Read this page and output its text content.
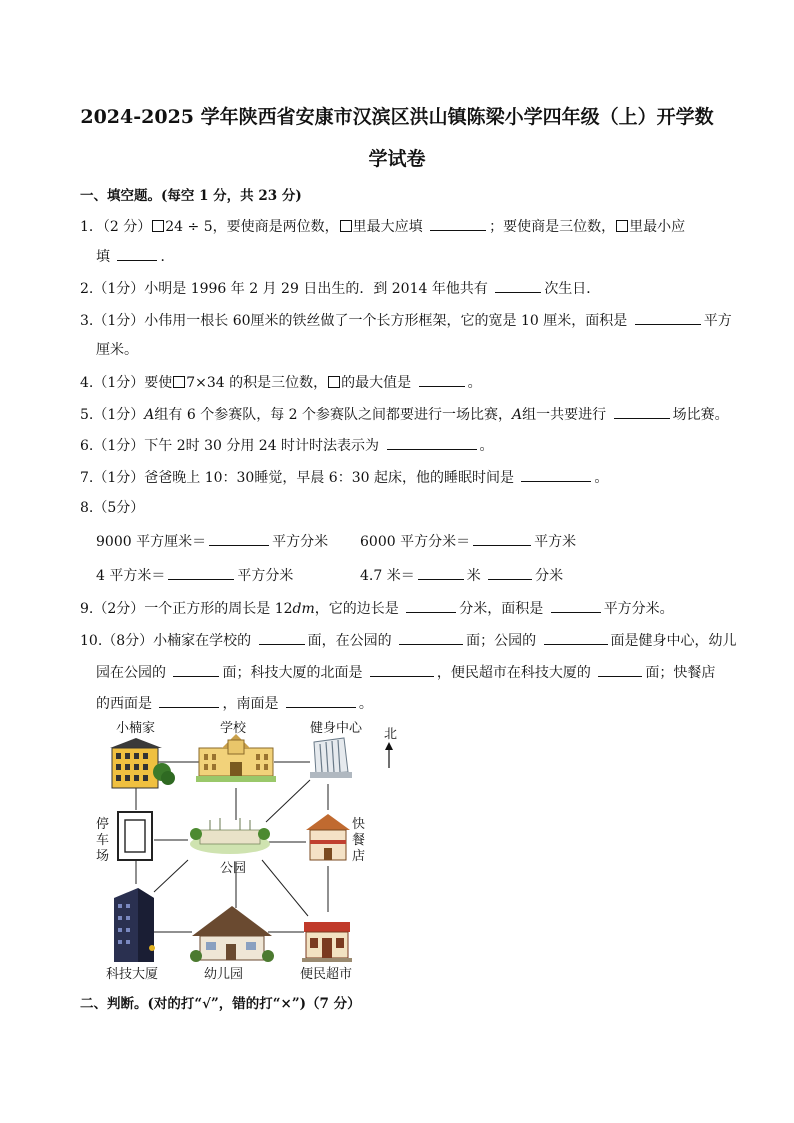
2024-2025 学年陕西省安康市汉滨区洪山镇陈梁小学四年级（上）开学数
学试卷
一、填空题。(每空 1 分，共 23 分)
1．（2 分） 24 ÷ 5，要使商是两位数， 里最大应填	；要使商是三位数， 里最小应
填	．
2.（1分）小明是 1996 年 2 月 29 日出生的．到 2014 年他共有	次生日．
3.（1分）小伟用一根长 60厘米的铁丝做了一个长方形框架，它的宽是 10 厘米，面积是	平方
厘米。
4.（1分）要使 7×34 的积是三位数， 的最大值是	。
5.（1分）A组有 6 个参赛队，每 2 个参赛队之间都要进行一场比赛，A组一共要进行	场比赛。
6.（1分）下午 2时 30 分用 24 时计时法表示为	。
7.（1分）爸爸晚上 10：30睡觉，早晨 6：30 起床，他的睡眠时间是	。
8.（5分）
9000 平方厘米＝	平方分米 6000 平方分米＝	平方米
4 平方米＝	平方分米	4.7 米＝	米	分米
9.（2分）一个正方形的周长是 12dm，它的边长是	分米，面积是	平方分米。
10.（8分）小楠家在学校的	面，在公园的	面；公园的	面是健身中心，幼儿
园在公园的	面；科技大厦的北面是	，便民超市在科技大厦的	面；快餐店
的西面是	，南面是	。
小楠家	学校	健身中心 北
停
车
场
公园
快
餐
店
科技大厦	幼儿园	便民超市
二、判断。(对的打“√”，错的打“×”)（7 分）
